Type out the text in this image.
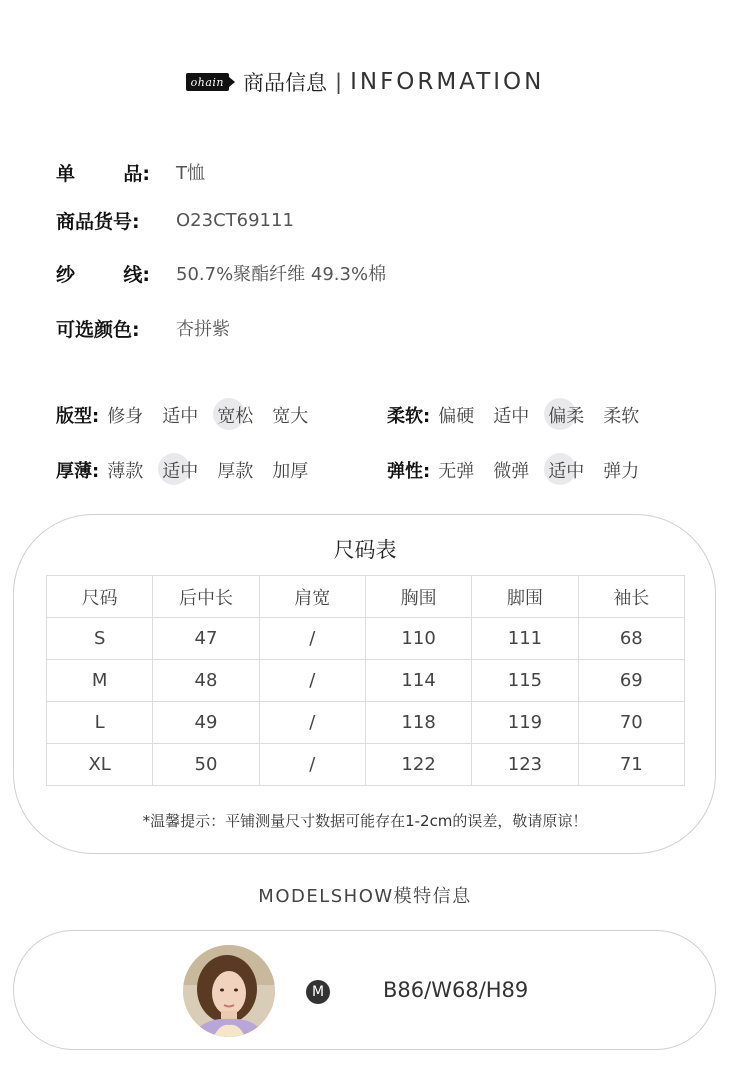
ohain 商品信息 | INFORMATION
单	品: T恤
商品货号: O23CT69111
纱	线: 50.7%聚酯纤维 49.3%棉
可选颜色: 杏拼紫
版型: 修身 适中 宽松 宽大	柔软: 偏硬 适中 偏柔 柔软
厚薄: 薄款 适中 厚款 加厚	弹性: 无弹 微弹 适中 弹力
尺码表
尺码	后中长	肩宽	胸围	脚围	袖长
S	47	/	110	111	68
M	48	/	114	115	69
L	49	/	118	119	70
XL	50	/	122	123	71
*温馨提示：平铺测量尺寸数据可能存在1-2cm的误差，敬请原谅！
MODELSHOW模特信息
M	B86/W68/H89
